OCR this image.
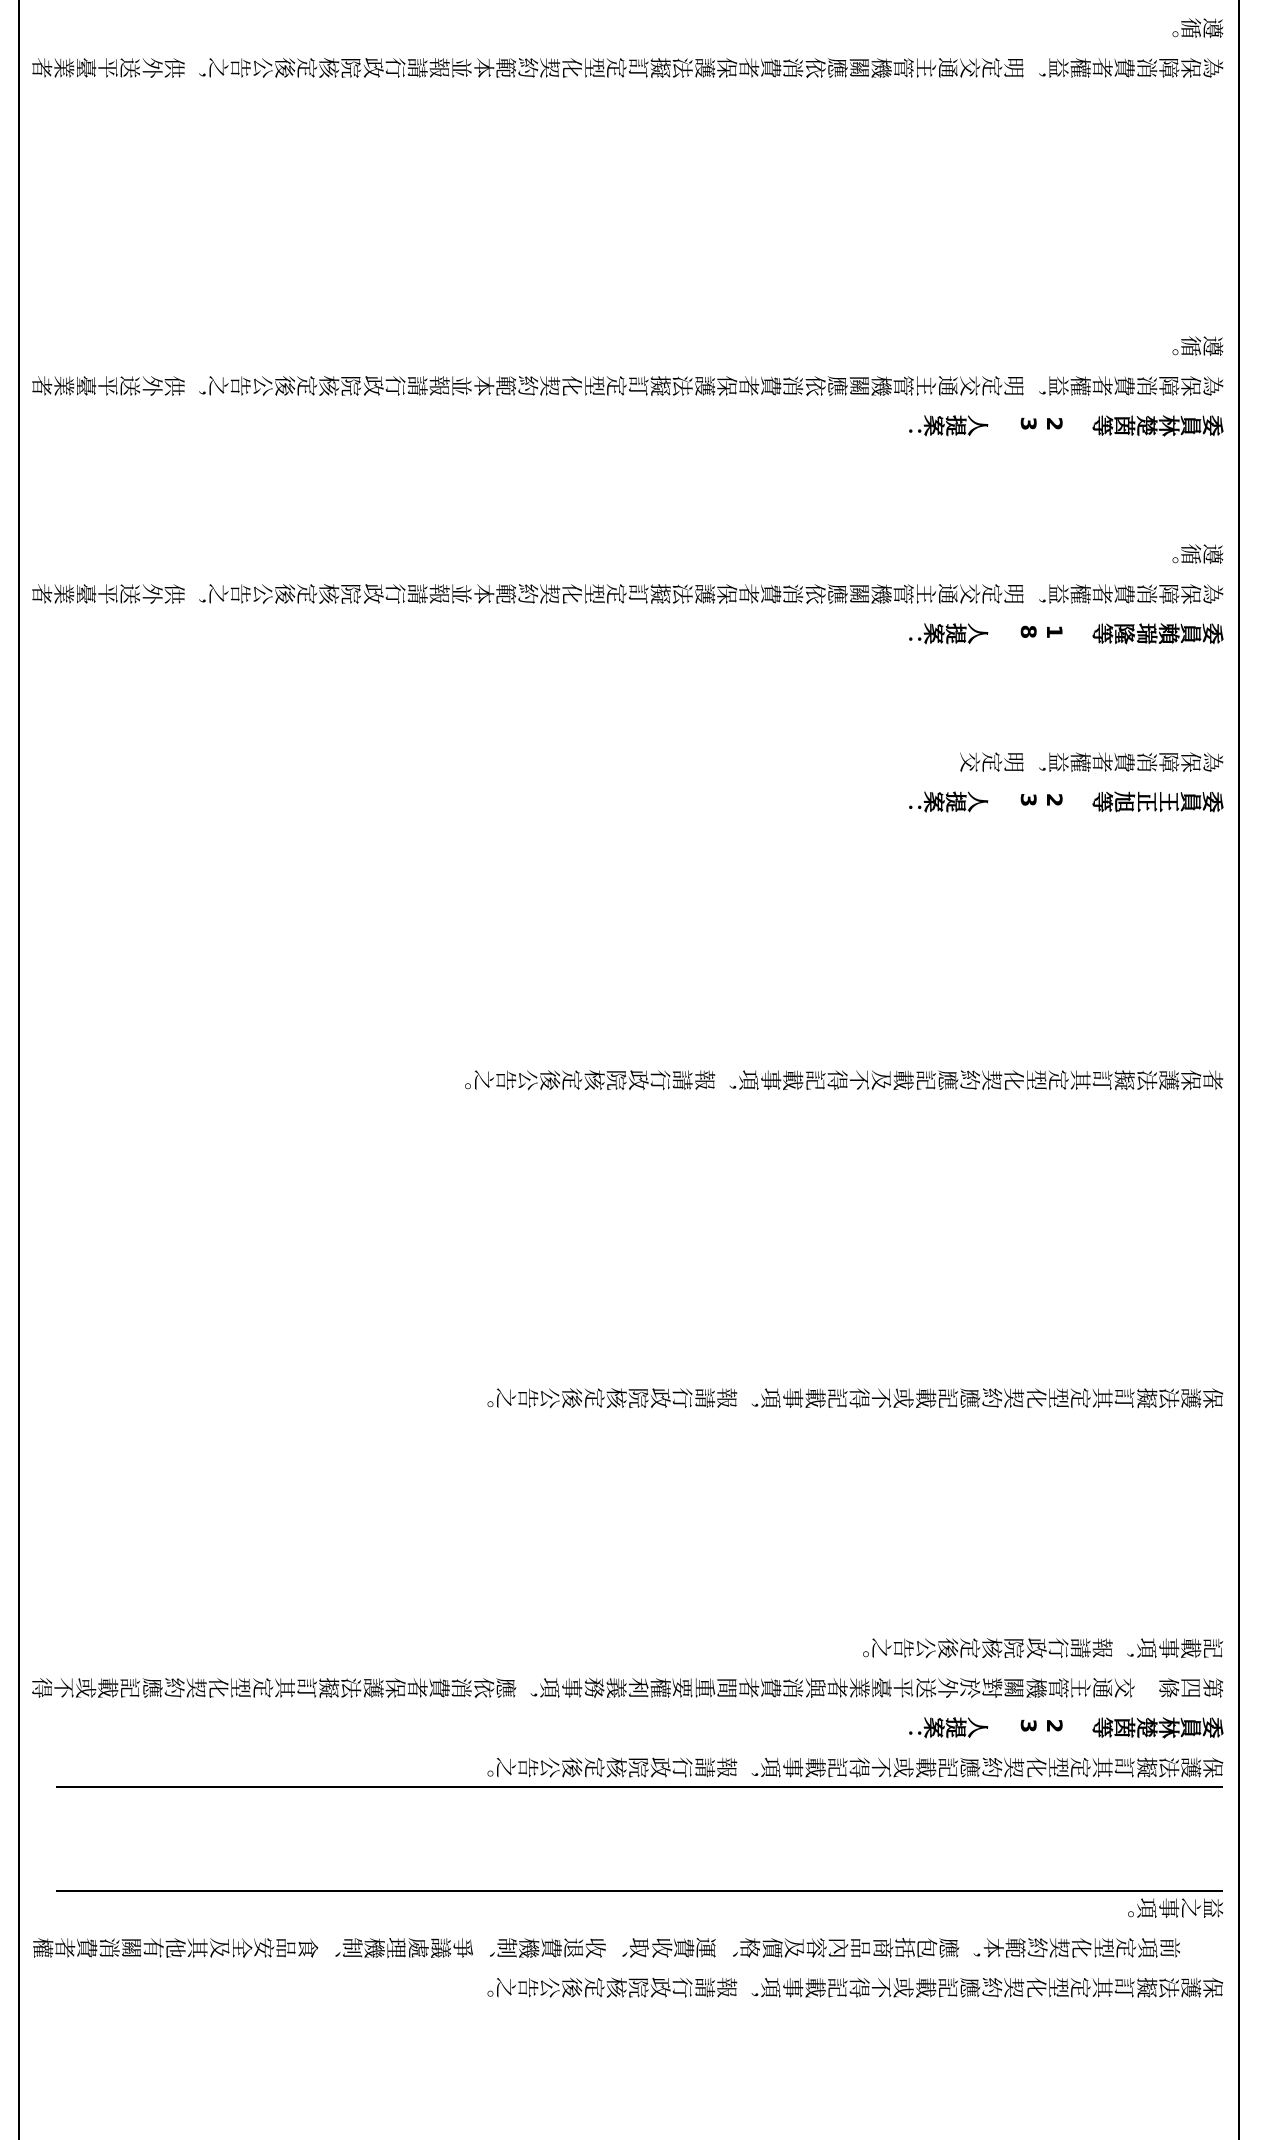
為保障消費者權益，明定交通主管機關應依消費者保護法擬訂定型化契約範本並報請行政院核定後公告之，供外送平臺業者遵循。

委員林楚茵等 23 人提案：
為保障消費者權益，明定交通主管機關應依消費者保護法擬訂定型化契約範本並報請行政院核定後公告之，供外送平臺業者遵循。

委員賴瑞隆等 18 人提案：
為保障消費者權益，明定交通主管機關應依消費者保護法擬訂定型化契約範本並報請行政院核定後公告之，供外送平臺業者遵循。

委員王正旭等 23 人提案：
為保障消費者權益，明定交

者保護法擬訂其定型化契約應記載及不得記載事項，報請行政院核定後公告之。

保護法擬訂其定型化契約應記載或不得記載事項，報請行政院核定後公告之。

保護法擬訂其定型化契約應記載或不得記載事項，報請行政院核定後公告之。
委員林楚茵等 23 人提案：
第四條　交通主管機關對於外送平臺業者與消費者間重要權利義務事項，應依消費者保護法擬訂其定型化契約應記載或不得記載事項，報請行政院核定後公告之。

保護法擬訂其定型化契約應記載或不得記載事項，報請行政院核定後公告之。
前項定型化契約範本，應包括商品內容及價格、運費收取、收退費機制、爭議處理機制、食品安全及其他有關消費者權益之事項。
